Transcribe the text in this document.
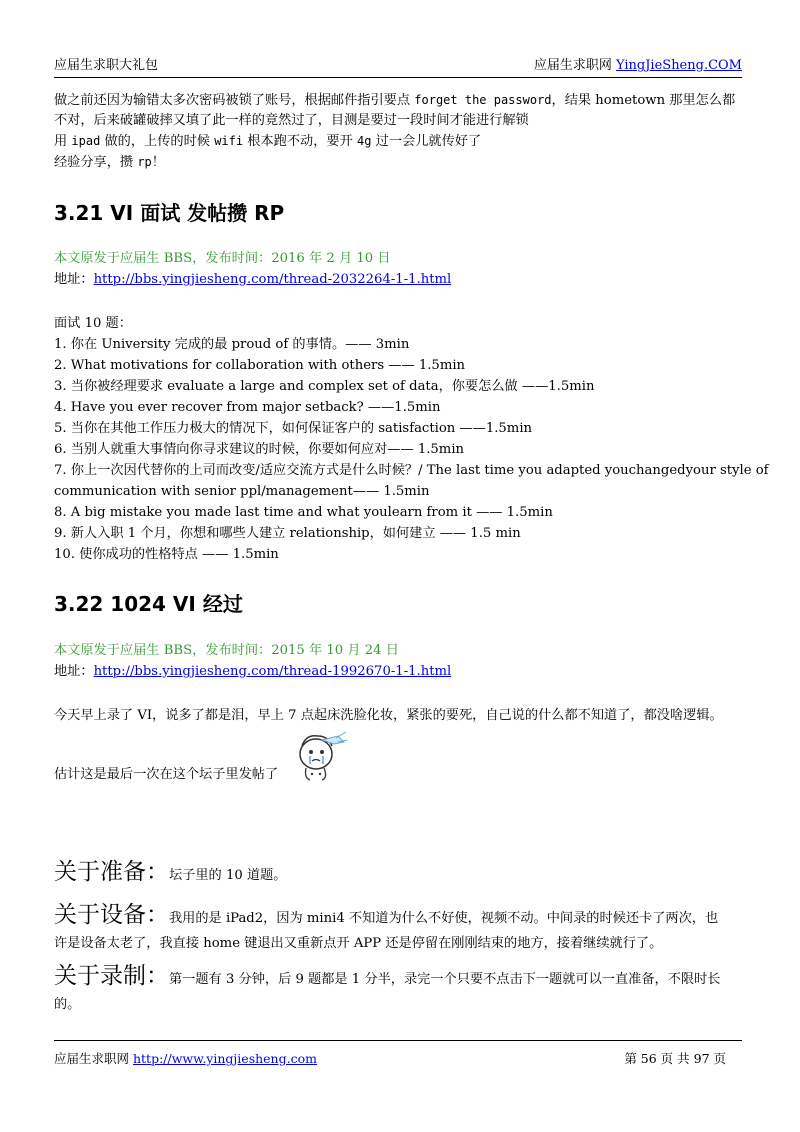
应届生求职大礼包	应届生求职网 YingJieSheng.COM
做之前还因为输错太多次密码被锁了账号，根据邮件指引要点 forget the password，结果 hometown 那里怎么都
不对，后来破罐破摔又填了此一样的竟然过了，目测是要过一段时间才能进行解锁
用 ipad 做的，上传的时候 wifi 根本跑不动，要开 4g 过一会儿就传好了
经验分享，攒 rp！
3.21 VI 面试 发帖攒 RP
本文原发于应届生 BBS，发布时间：2016 年 2 月 10 日
地址：http://bbs.yingjiesheng.com/thread-2032264-1-1.html
面试 10 题：
1. 你在 University 完成的最 proud of 的事情。—— 3min
2. What motivations for collaboration with others —— 1.5min
3. 当你被经理要求 evaluate a large and complex set of data，你要怎么做 ——1.5min
4. Have you ever recover from major setback? ——1.5min
5. 当你在其他工作压力极大的情况下，如何保证客户的 satisfaction ——1.5min
6. 当别人就重大事情向你寻求建议的时候，你要如何应对—— 1.5min
7. 你上一次因代替你的上司而改变/适应交流方式是什么时候？/ The last time you adapted youchangedyour style of
communication with senior ppl/management—— 1.5min
8. A big mistake you made last time and what youlearn from it —— 1.5min
9. 新人入职 1 个月，你想和哪些人建立 relationship，如何建立 —— 1.5 min
10. 使你成功的性格特点 —— 1.5min
3.22 1024 VI 经过
本文原发于应届生 BBS，发布时间：2015 年 10 月 24 日
地址：http://bbs.yingjiesheng.com/thread-1992670-1-1.html
今天早上录了 VI，说多了都是泪，早上 7 点起床洗脸化妆，紧张的要死，自己说的什么都不知道了，都没啥逻辑。
估计这是最后一次在这个坛子里发帖了
关于准备：坛子里的 10 道题。
关于设备：我用的是 iPad2，因为 mini4 不知道为什么不好使，视频不动。中间录的时候还卡了两次，也
许是设备太老了，我直接 home 键退出又重新点开 APP 还是停留在刚刚结束的地方，接着继续就行了。
关于录制：第一题有 3 分钟，后 9 题都是 1 分半，录完一个只要不点击下一题就可以一直准备，不限时长
的。
应届生求职网 http://www.yingjiesheng.com	第 56 页 共 97 页
